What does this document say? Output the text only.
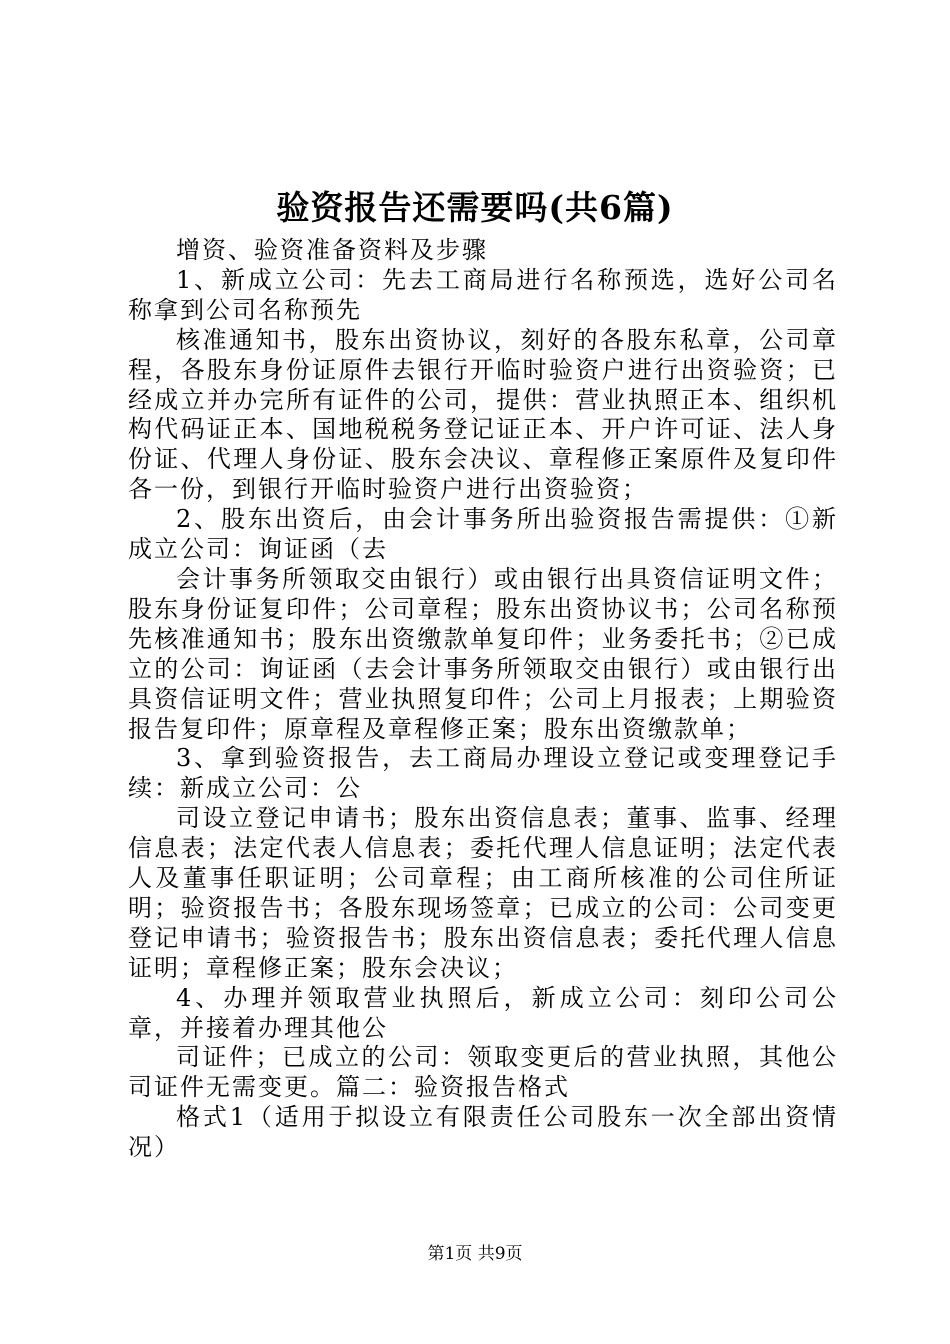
验资报告还需要吗(共6篇)

增资、验资准备资料及步骤

1、新成立公司：先去工商局进行名称预选，选好公司名称拿到公司名称预先

核准通知书，股东出资协议，刻好的各股东私章，公司章程，各股东身份证原件去银行开临时验资户进行出资验资；已经成立并办完所有证件的公司，提供：营业执照正本、组织机构代码证正本、国地税税务登记证正本、开户许可证、法人身份证、代理人身份证、股东会决议、章程修正案原件及复印件各一份，到银行开临时验资户进行出资验资；

2、股东出资后，由会计事务所出验资报告需提供：①新成立公司：询证函（去

会计事务所领取交由银行）或由银行出具资信证明文件；股东身份证复印件；公司章程；股东出资协议书；公司名称预先核准通知书；股东出资缴款单复印件；业务委托书；②已成立的公司：询证函（去会计事务所领取交由银行）或由银行出具资信证明文件；营业执照复印件；公司上月报表；上期验资报告复印件；原章程及章程修正案；股东出资缴款单；

3、拿到验资报告，去工商局办理设立登记或变理登记手续：新成立公司：公

司设立登记申请书；股东出资信息表；董事、监事、经理信息表；法定代表人信息表；委托代理人信息证明；法定代表人及董事任职证明；公司章程；由工商所核准的公司住所证明；验资报告书；各股东现场签章；已成立的公司：公司变更登记申请书；验资报告书；股东出资信息表；委托代理人信息证明；章程修正案；股东会决议；

4、办理并领取营业执照后，新成立公司：刻印公司公章，并接着办理其他公

司证件；已成立的公司：领取变更后的营业执照，其他公司证件无需变更。篇二：验资报告格式

格式1（适用于拟设立有限责任公司股东一次全部出资情况）

第1页 共9页
